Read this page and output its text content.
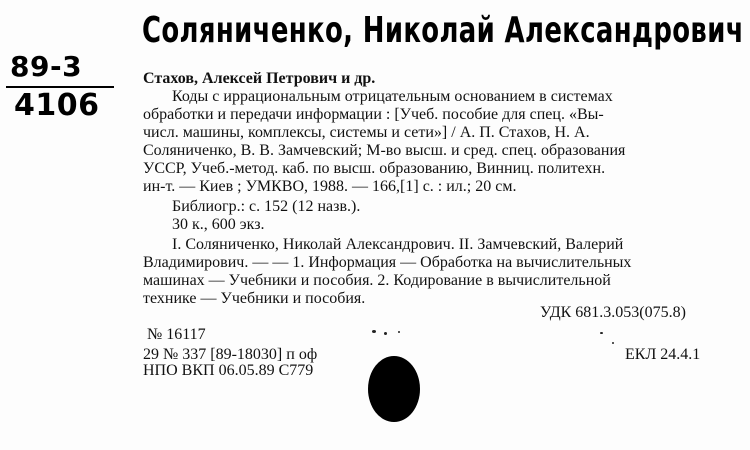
Соляниченко, Николай Александрович
89-3
4106
Стахов, Алексей Петрович и др.
Коды с иррациональным отрицательным основанием в системах
обработки и передачи информации : [Учеб. пособие для спец. «Вы-
числ. машины, комплексы, системы и сети»] / А. П. Стахов, Н. А.
Соляниченко, В. В. Замчевский; М-во высш. и сред. спец. образования
УССР, Учеб.-метод. каб. по высш. образованию, Винниц. политехн.
ин-т. — Киев ; УМКВО, 1988. — 166,[1] с. : ил.; 20 см.
Библиогр.: с. 152 (12 назв.).
30 к., 600 экз.
I. Соляниченко, Николай Александрович. II. Замчевский, Валерий
Владимирович. — — 1. Информация — Обработка на вычислительных
машинах — Учебники и пособия. 2. Кодирование в вычислительной
технике — Учебники и пособия.
УДК 681.3.053(075.8)
№ 16117
29 № 337 [89-18030] п оф	ЕКЛ 24.4.1
НПО ВКП 06.05.89 С779
